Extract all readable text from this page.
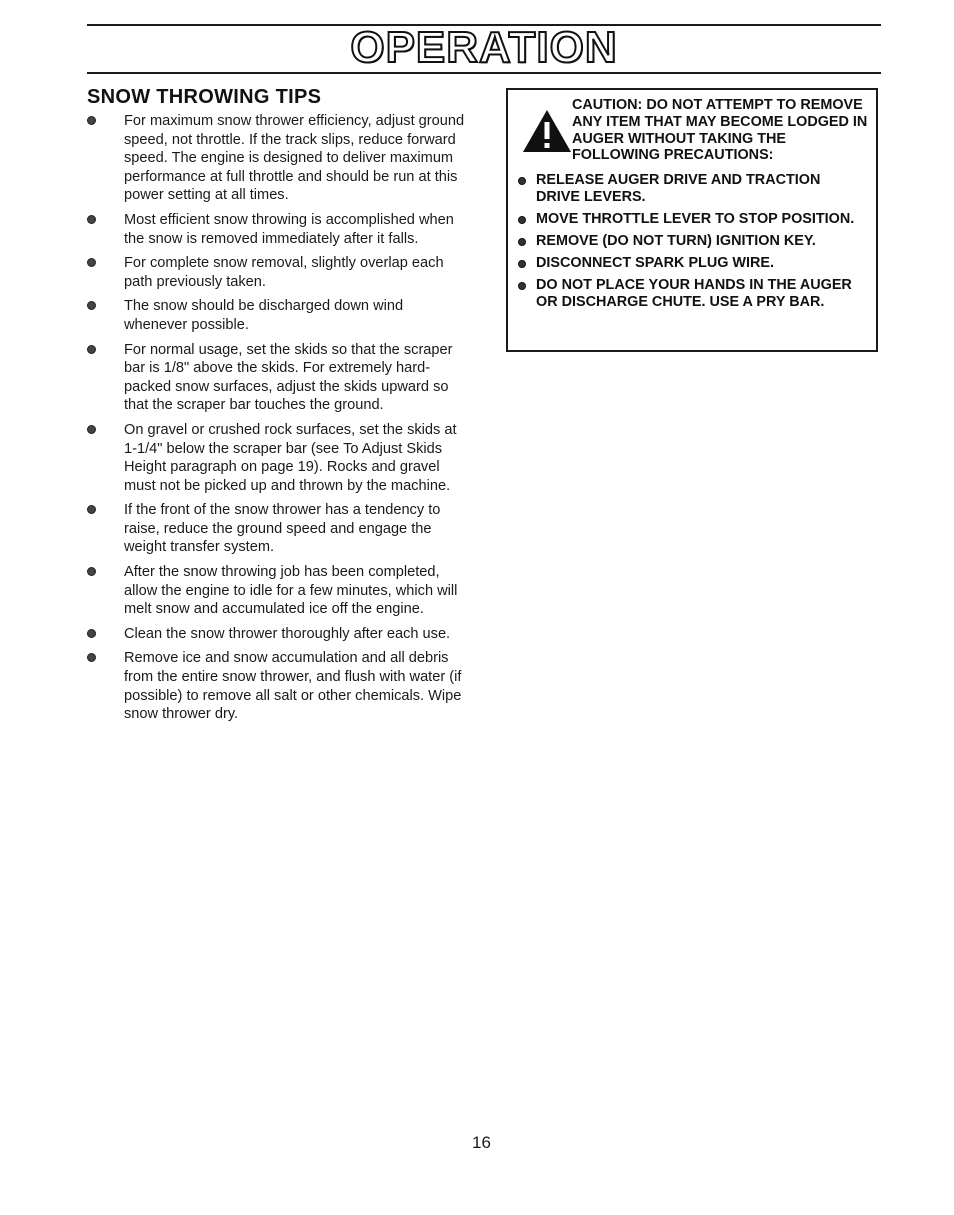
OPERATION
SNOW THROWING TIPS
For maximum snow thrower efficiency, adjust ground speed, not throttle. If the track slips, reduce forward speed. The engine is designed to deliver maximum performance at full throttle and should be run at this power setting at all times.
Most efficient snow throwing is accomplished when the snow is removed immediately after it falls.
For complete snow removal, slightly overlap each path previously taken.
The snow should be discharged down wind whenever possible.
For normal usage, set the skids so that the scraper bar is 1/8" above the skids. For extremely hard-packed snow surfaces, adjust the skids upward so that the scraper bar touches the ground.
On gravel or crushed rock surfaces, set the skids at 1-1/4" below the scraper bar (see To Adjust Skids Height paragraph on page 19). Rocks and gravel must not be picked up and thrown by the machine.
If the front of the snow thrower has a tendency to raise, reduce the ground speed and engage the weight transfer system.
After the snow throwing job has been completed, allow the engine to idle for a few minutes, which will melt snow and accumulated ice off the engine.
Clean the snow thrower thoroughly after each use.
Remove ice and snow accumulation and all debris from the entire snow thrower, and flush with water (if possible) to remove all salt or other chemicals. Wipe snow thrower dry.

CAUTION: DO NOT ATTEMPT TO REMOVE ANY ITEM THAT MAY BECOME LODGED IN AUGER WITHOUT TAKING THE FOLLOWING PRECAUTIONS:

RELEASE AUGER DRIVE AND TRACTION DRIVE LEVERS.
MOVE THROTTLE LEVER TO STOP POSITION.
REMOVE (DO NOT TURN) IGNITION KEY.
DISCONNECT SPARK PLUG WIRE.
DO NOT PLACE YOUR HANDS IN THE AUGER OR DISCHARGE CHUTE. USE A PRY BAR.
16
